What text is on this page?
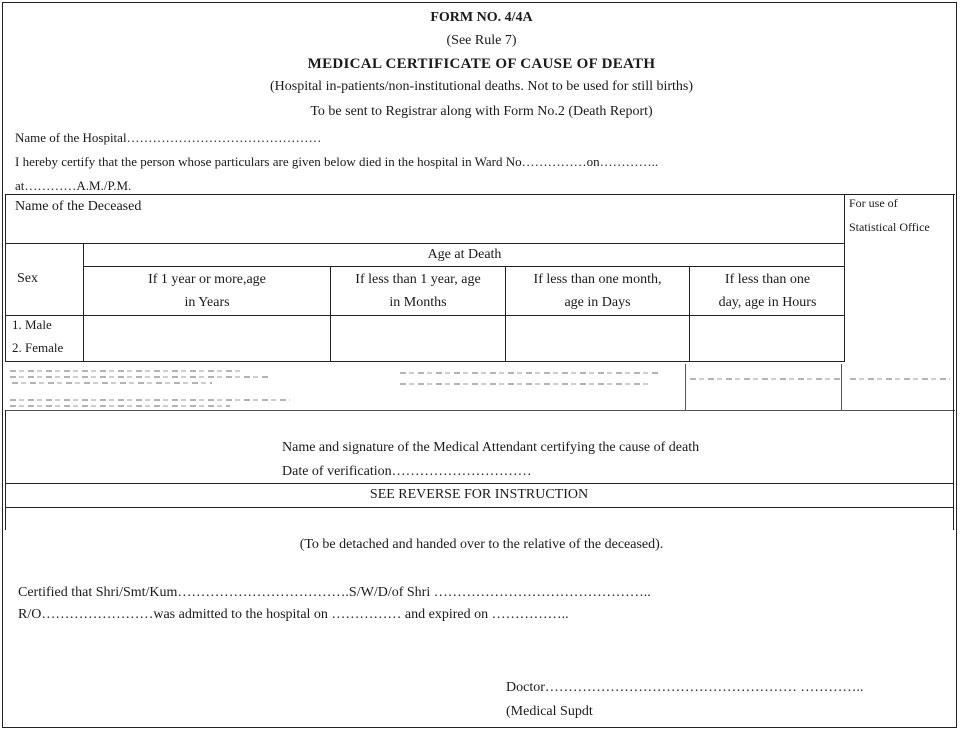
FORM NO. 4/4A
(See Rule 7)
MEDICAL CERTIFICATE OF CAUSE OF DEATH
(Hospital in-patients/non-institutional deaths. Not to be used for still births)
To be sent to Registrar along with Form No.2 (Death Report)
Name of the Hospital………………………………………
I hereby certify that the person whose particulars are given below died in the hospital in Ward No……………on…………..
at…………A.M./P.M.
Name of the Deceased	For use of
Statistical Office
Age at Death
Sex	If 1 year or more,age
in Years
If less than 1 year, age
in Months
If less than one month,
age in Days
If less than one
day, age in Hours
1. Male
2. Female
Name and signature of the Medical Attendant certifying the cause of death
Date of verification…………………………
SEE REVERSE FOR INSTRUCTION
(To be detached and handed over to the relative of the deceased).
Certified that Shri/Smt/Kum……………………………….S/W/D/of Shri ………………………………………..
R/O……………………was admitted to the hospital on …………… and expired on ……………..
Doctor……………………………………………… …………..
(Medical Supdt
